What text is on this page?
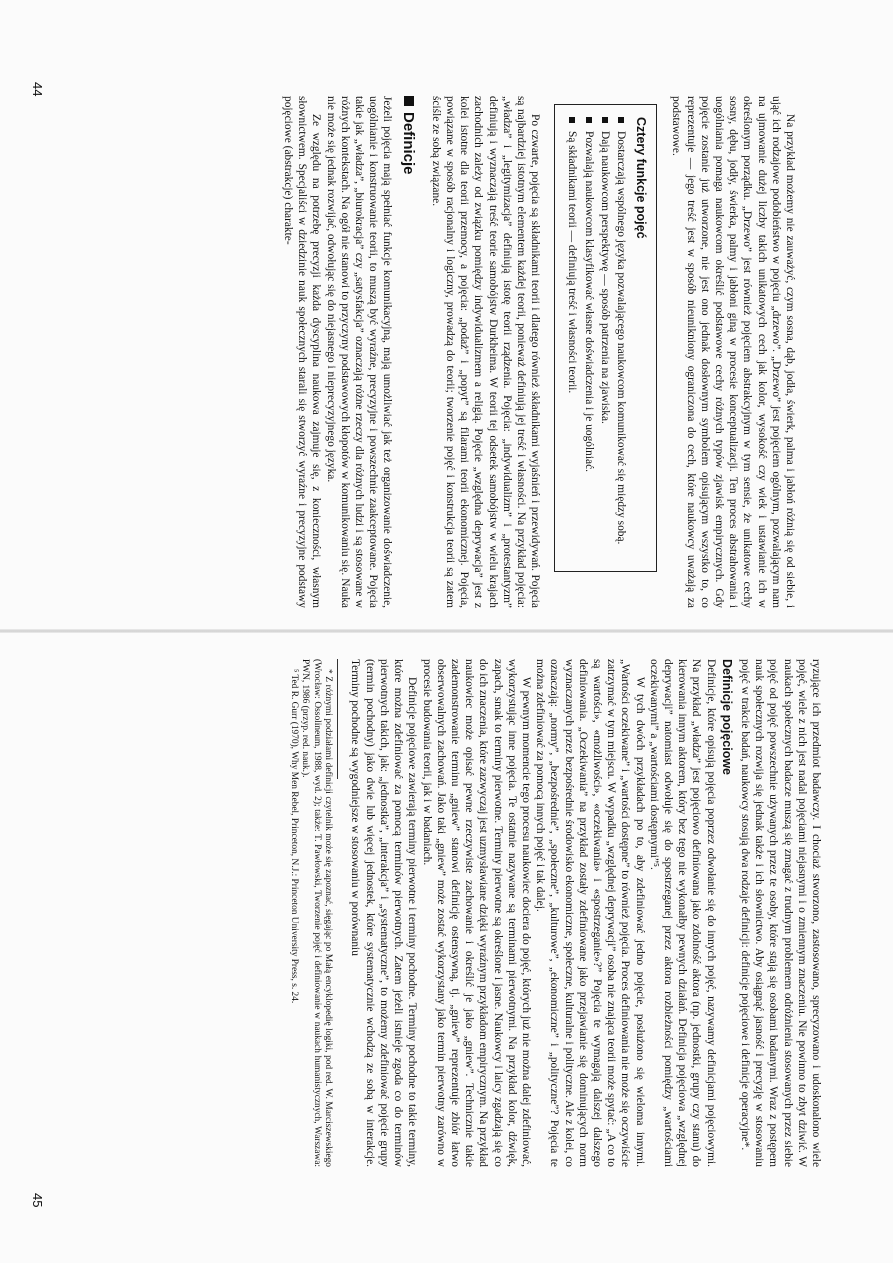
Na przykład możemy nie zauważyć, czym sosna, dąb, jodła, świerk, palma i jabłoń różnią się od siebie, i ująć ich rodzajowe podobieństwo w pojęciu „drzewo”. „Drzewo” jest pojęciem ogólnym, pozwalającym nam na ujmowanie dużej liczby takich unikatowych cech jak kolor, wysokość czy wiek i ustawianie ich w określonym porządku. „Drzewo” jest również pojęciem abstrakcyjnym w tym sensie, że unikatowe cechy sosny, dębu, jodły, świerka, palmy i jabłoni giną w procesie konceptualizacji. Ten proces abstrahowania i uogólniania pomaga naukowcom określić podstawowe cechy różnych typów zjawisk empirycznych. Gdy pojęcie zostanie już utworzone, nie jest ono jednak dosłownym symbolem opisującym wszystko to, co reprezentuje — jego treść jest w sposób nieunikniony ograniczona do cech, które naukowcy uważają za podstawowe.

Cztery funkcje pojęć
Dostarczają wspólnego języka pozwalającego naukowcom komunikować się między sobą.
Dają naukowcom perspektywę — sposób patrzenia na zjawiska.
Pozwalają naukowcom klasyfikować własne doświadczenia i je uogólniać.
Są składnikami teorii — definiują treść i własności teorii.

Po czwarte, pojęcia są składnikami teorii i dlatego również składnikami wyjaśnień i przewidywań. Pojęcia są najbardziej istotnym elementem każdej teorii, ponieważ definiują jej treść i własności. Na przykład pojęcia: „władza” i „legitymizacja” definiują istotę teorii rządzenia. Pojęcia: „indywidualizm” i „protestantyzm” definiują i wyznaczają treść teorie samobójstw Durkheima. W teorii tej odsetek samobójstw w wielu krajach zachodnich zależy od związku pomiędzy indywidualizmem a religią. Pojęcie „względna deprywacja” jest z kolei istotne dla teorii przemocy, a pojęcia: „podaż” i „popyt” są filarami teorii ekonomicznej. Pojęcia, powiązane w sposób racjonalny i logiczny, prowadzą do teorii; tworzenie pojęć i konstrukcja teorii są zatem ściśle ze sobą związane.

Definicje

Jeżeli pojęcia mają spełniać funkcje komunikacyjną, mają umożliwiać jak też organizowanie doświadczenie, uogólnianie i konstruowanie teorii, to muszą być wyraźne, precyzyjne i powszechnie zaakceptowane. Pojęcia takie jak „władza”, „biurokracja” czy „satysfakcja” oznaczają różne rzeczy dla różnych ludzi i są stosowane w różnych kontekstach. Na ogół nie stanowi to przyczyny podstawowych kłopotów w komunikowaniu się. Nauka nie może się jednak rozwijać, odwołując się do niejasnego i nieprecyzyjnego języka.

Ze względu na potrzebę precyzji każda dyscyplina naukowa zajmuje się, z konieczności, własnym słownictwem. Specjaliści w dziedzinie nauk społecznych starali się stworzyć wyraźne i precyzyjne podstawy pojęciowe (abstrakcje) charakte-

44

ryzujące ich przedmiot badawczy. I chociaż stworzono, zastosowano, sprecyzowano i udoskonalono wiele pojęć, wiele z nich jest nadal pojęciami niejasnymi i o zmiennym znaczeniu. Nie powinno to zbyt dziwić. W naukach społecznych badacze muszą się zmagać z trudnym problemem odróżnienia stosowanych przez siebie pojęć od pojęć powszechnie używanych przez te osoby, które stają się osobami badanymi. Wraz z postępem nauk społecznych rozwija się jednak także i ich słownictwo. Aby osiągnąć jasność i precyzję w stosowaniu pojęć w trakcie badań, naukowcy stosują dwa rodzaje definicji: definicje pojęciowe i definicje operacyjne*.

Definicje pojęciowe

Definicje, które opisują pojęcia poprzez odwołanie się do innych pojęć, nazywamy definicjami pojęciowymi. Na przykład „władza” jest pojęciowo definiowana jako zdolność aktora (np. jednostki, grupy czy stanu) do kierowania innym aktorem, który bez tego nie wykonałby pewnych działań. Definicja pojęciowa „względnej deprywacji” natomiast odwołuje się do spostrzeganej przez aktora rozbieżności pomiędzy „wartościami oczekiwanymi” a „wartościami dostępnymi”⁵.

W tych dwóch przykładach po to, aby zdefiniować jedno pojęcie, posłużono się wieloma innymi. „Wartości oczekiwane” i „wartości dostępne” to również pojęcia. Proces definiowania nie może się oczywiście zatrzymać w tym miejscu. W wypadku „względnej deprywacji” osoba nie znająca teorii może spytać: „A co to są wartości», «możliwości», «oczekiwania» i «spostrzeganie»?” Pojęcia te wymagają dalszej dalszego definiowania. „Oczekiwania” na przykład zostały zdefiniowane jako przejawianie się dominujących norm wyznaczanych przez bezpośrednie środowisko ekonomiczne, społeczne, kulturalne i polityczne. Ale z kolei, co oznaczają: „normy”, „bezpośrednie”, „społeczne”, „kulturowe”, „ekonomiczne” i „polityczne”? Pojęcia te można zdefiniować za pomocą innych pojęć i tak dalej.

W pewnym momencie tego procesu naukowiec dociera do pojęć, których już nie można dalej zdefiniować, wykorzystując inne pojęcia. Te ostatnie nazywane są terminami pierwotnymi. Na przykład kolor, dźwięk, zapach, smak to terminy pierwotne. Terminy pierwotne są określone i jasne. Naukowcy i laicy zgadzają się co do ich znaczenia, które zazwyczaj jest uzmysławiane dzięki wyraźnym przykładom empirycznym. Na przykład naukowiec może opisać pewne rzeczywiste zachowanie i określić je jako „gniew”. Technicznie takie zademonstrowanie terminu „gniew” stanowi definicję ostensywną, tj. „gniew” reprezentuje zbiór łatwo obserwowalnych zachowań. Jako taki „gniew” może zostać wykorzystany jako termin pierwotny zarówno w procesie budowania teorii, jak i w badaniach.

Definicje pojęciowe zawierają terminy pierwotne i terminy pochodne. Terminy pochodne to takie terminy, które można zdefiniować za pomocą terminów pierwotnych. Zatem jeżeli istnieje zgoda co do terminów pierwotnych takich, jak: „jednostka”, „interakcja” i „systematyczne”, to możemy zdefiniować pojęcie grupy (termin pochodny) jako dwie lub więcej jednostek, które systematycznie wchodzą ze sobą w interakcje. Terminy pochodne są wygodniejsze w stosowaniu w porównaniu

* Z różnymi podziałami definicji czytelnik może się zapoznać, sięgając po Małą encyklopedię logiki, pod red. W. Marciszewskiego (Wrocław: Ossolineum, 1988, wyd. 2); także: T. Pawłowski, Tworzenie pojęć i definiowanie w naukach humanistycznych, Warszawa: PWN, 1986 (przyp. red. nauk.).

⁵ Ted R. Gurr (1970), Why Men Rebel, Princeton, N.J.: Princeton University Press, s. 24.

45
